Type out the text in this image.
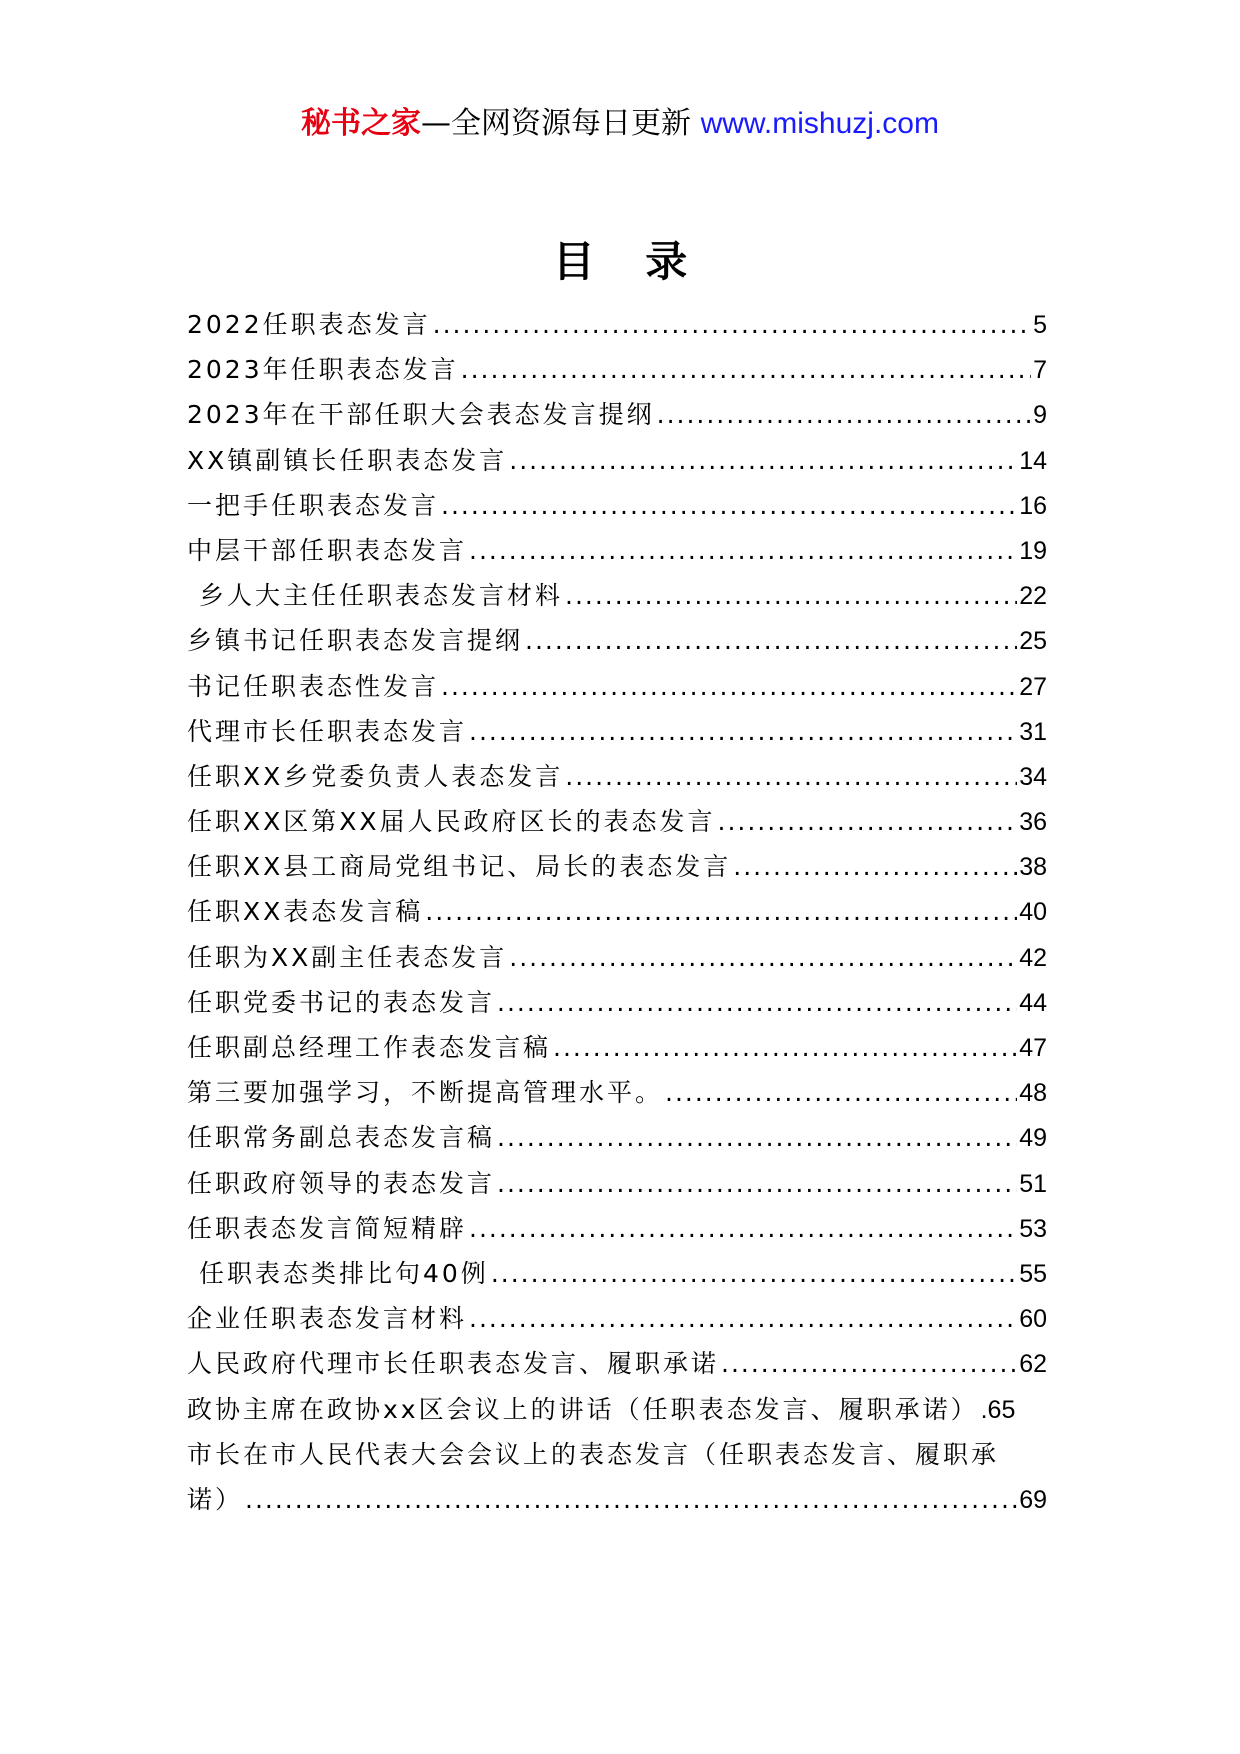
秘书之家—全网资源每日更新 www.mishuzj.com
目 录
2022任职表态发言 .....	5
2023年任职表态发言 .....	7
2023年在干部任职大会表态发言提纲 .....	9
XX镇副镇长任职表态发言 .....	14
一把手任职表态发言 .....	16
中层干部任职表态发言 .....	19
乡人大主任任职表态发言材料 .....	22
乡镇书记任职表态发言提纲 .....	25
书记任职表态性发言 .....	27
代理市长任职表态发言 .....	31
任职XX乡党委负责人表态发言 .....	34
任职XX区第XX届人民政府区长的表态发言 .....	36
任职XX县工商局党组书记、局长的表态发言 .....	38
任职XX表态发言稿 .....	40
任职为XX副主任表态发言 .....	42
任职党委书记的表态发言 .....	44
任职副总经理工作表态发言稿 .....	47
第三要加强学习，不断提高管理水平。 .....	48
任职常务副总表态发言稿 .....	49
任职政府领导的表态发言 .....	51
任职表态发言简短精辟 .....	53
任职表态类排比句40例 .....	55
企业任职表态发言材料 .....	60
人民政府代理市长任职表态发言、履职承诺 .....	62
政协主席在政协xx区会议上的讲话（任职表态发言、履职承诺） .65
市长在市人民代表大会会议上的表态发言（任职表态发言、履职承
诺） .....	69
